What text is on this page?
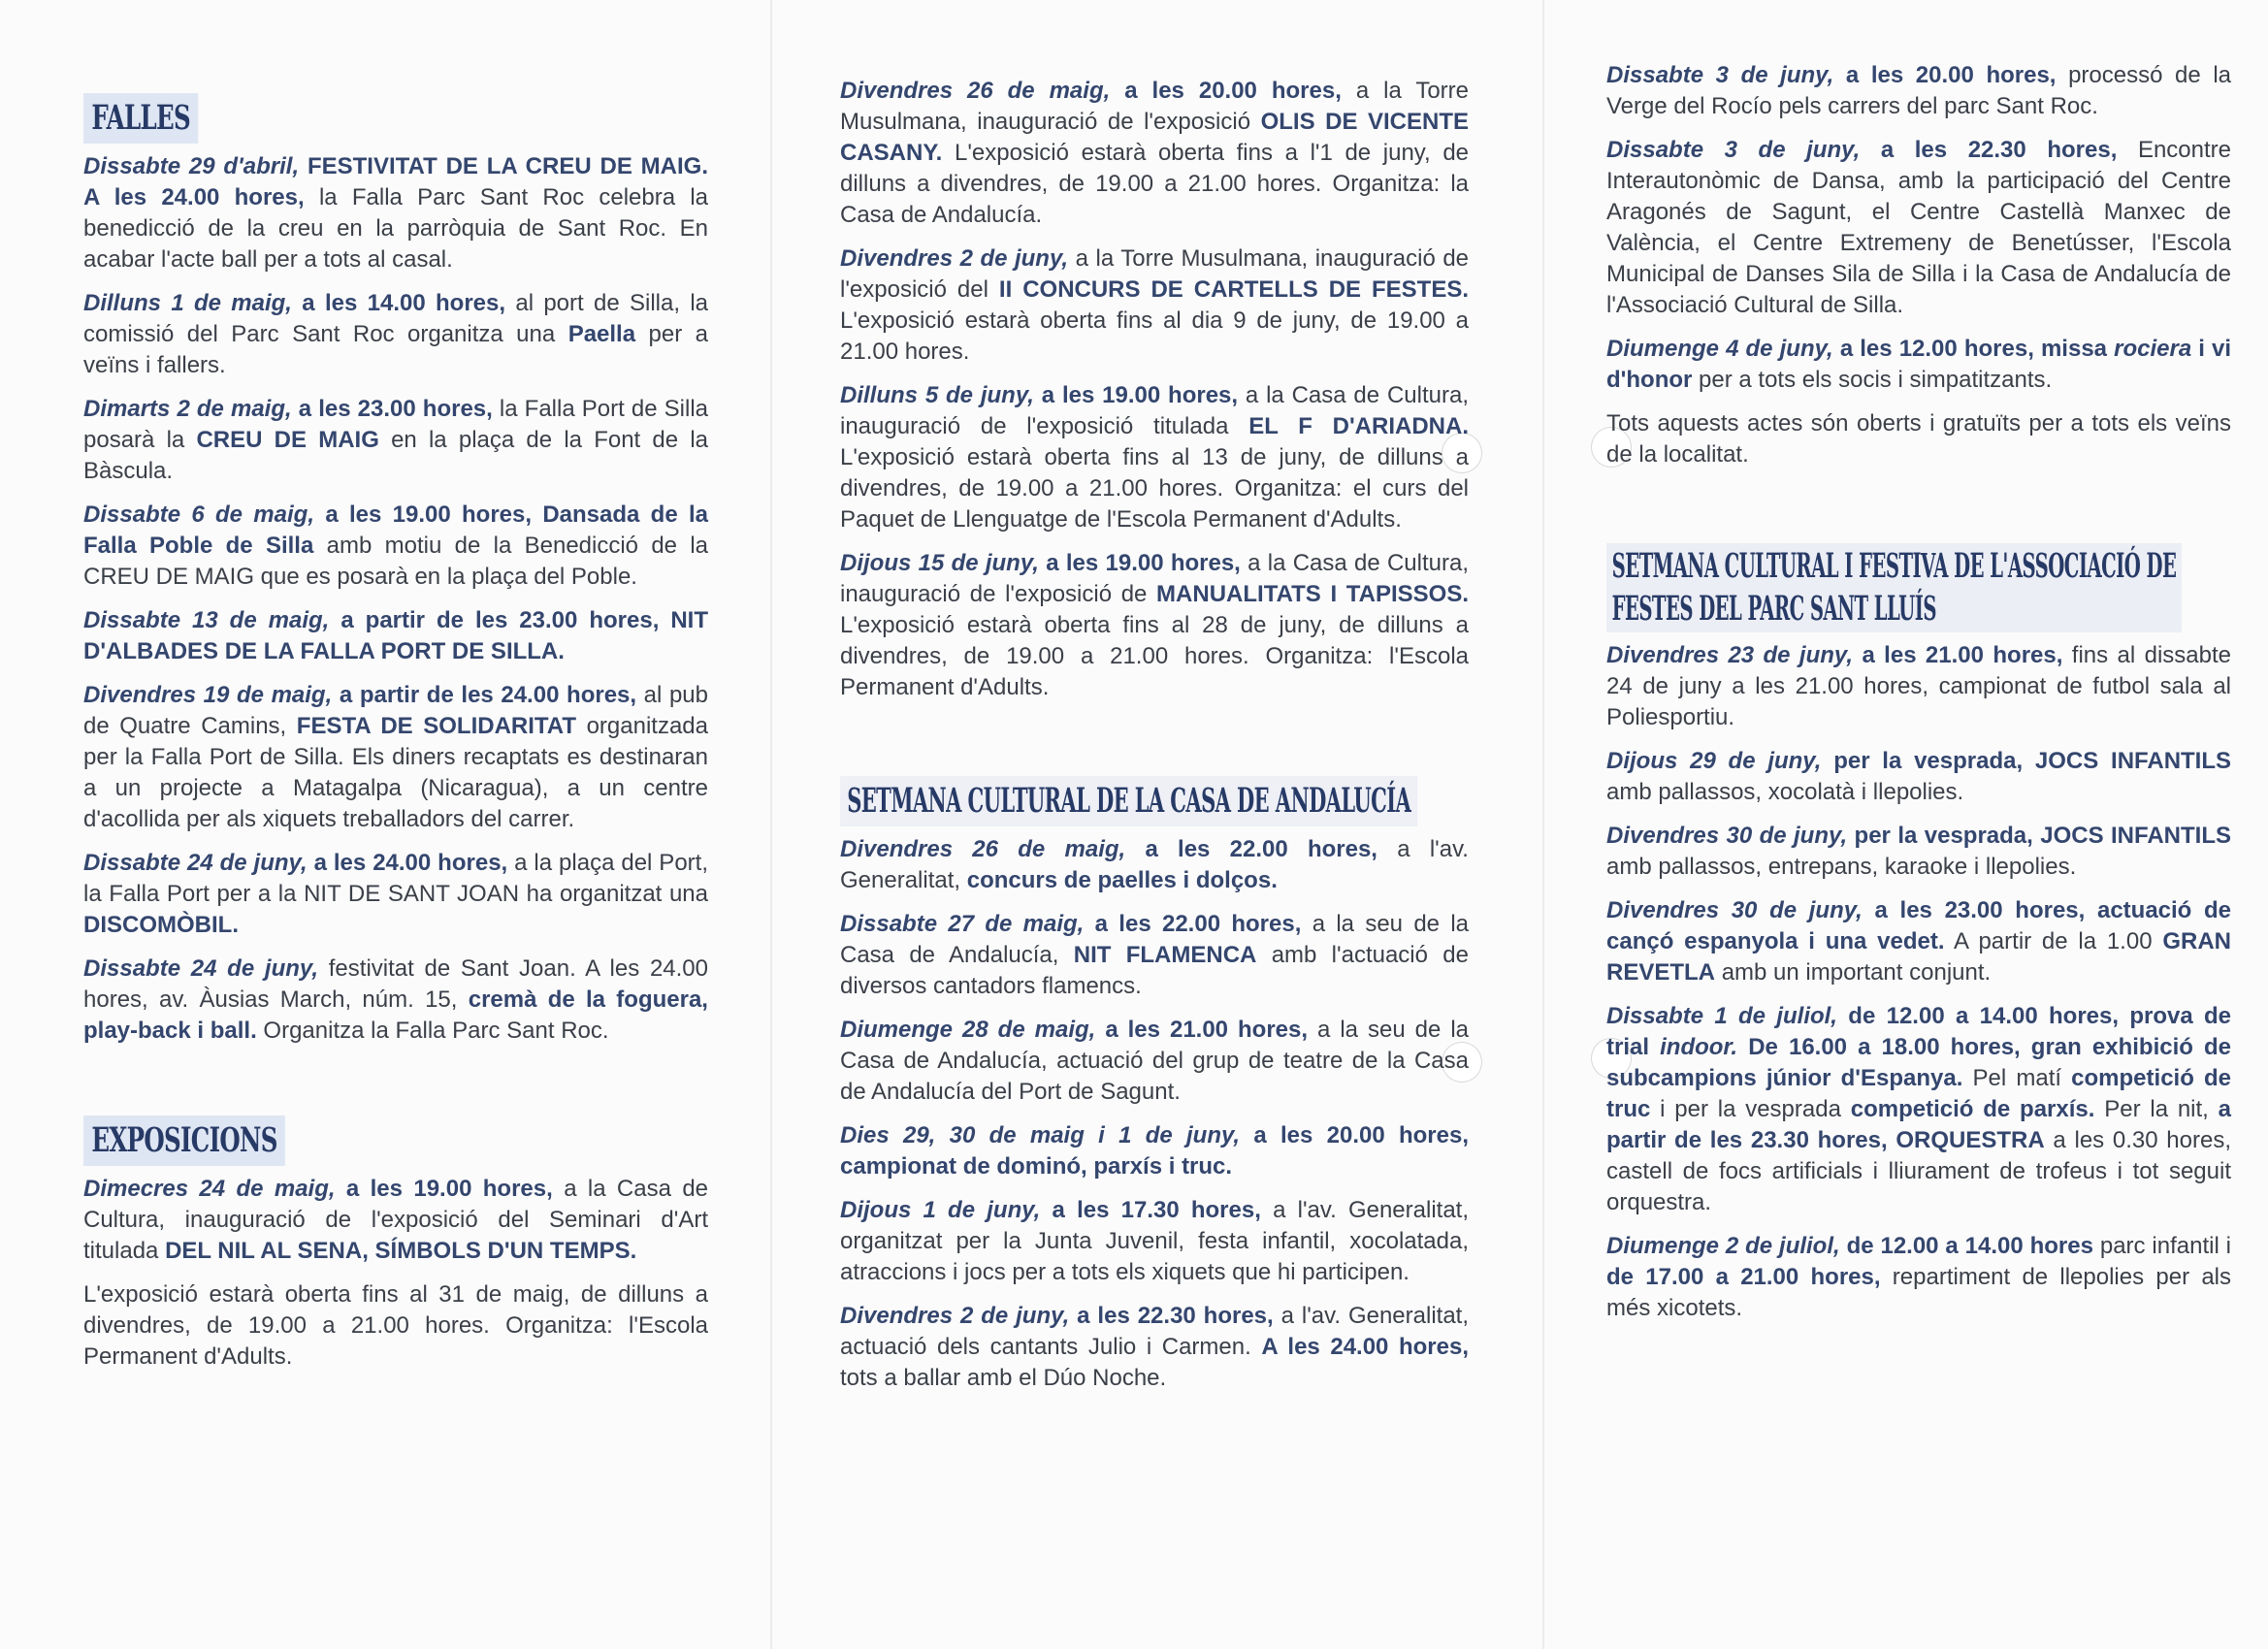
FALLES

Dissabte 29 d'abril, FESTIVITAT DE LA CREU DE MAIG. A les 24.00 hores, la Falla Parc Sant Roc celebra la benedicció de la creu en la parròquia de Sant Roc. En acabar l'acte ball per a tots al casal.

Dilluns 1 de maig, a les 14.00 hores, al port de Silla, la comissió del Parc Sant Roc organitza una Paella per a veïns i fallers.

Dimarts 2 de maig, a les 23.00 hores, la Falla Port de Silla posarà la CREU DE MAIG en la plaça de la Font de la Bàscula.

Dissabte 6 de maig, a les 19.00 hores, Dansada de la Falla Poble de Silla amb motiu de la Benedicció de la CREU DE MAIG que es posarà en la plaça del Poble.

Dissabte 13 de maig, a partir de les 23.00 hores, NIT D'ALBADES DE LA FALLA PORT DE SILLA.

Divendres 19 de maig, a partir de les 24.00 hores, al pub de Quatre Camins, FESTA DE SOLIDARITAT organitzada per la Falla Port de Silla. Els diners recaptats es destinaran a un projecte a Matagalpa (Nicaragua), a un centre d'acollida per als xiquets treballadors del carrer.

Dissabte 24 de juny, a les 24.00 hores, a la plaça del Port, la Falla Port per a la NIT DE SANT JOAN ha organitzat una DISCOMÒBIL.

Dissabte 24 de juny, festivitat de Sant Joan. A les 24.00 hores, av. Àusias March, núm. 15, cremà de la foguera, play-back i ball. Organitza la Falla Parc Sant Roc.

EXPOSICIONS

Dimecres 24 de maig, a les 19.00 hores, a la Casa de Cultura, inauguració de l'exposició del Seminari d'Art titulada DEL NIL AL SENA, SÍMBOLS D'UN TEMPS.

L'exposició estarà oberta fins al 31 de maig, de dilluns a divendres, de 19.00 a 21.00 hores. Organitza: l'Escola Permanent d'Adults.

Divendres 26 de maig, a les 20.00 hores, a la Torre Musulmana, inauguració de l'exposició OLIS DE VICENTE CASANY. L'exposició estarà oberta fins a l'1 de juny, de dilluns a divendres, de 19.00 a 21.00 hores. Organitza: la Casa de Andalucía.

Divendres 2 de juny, a la Torre Musulmana, inauguració de l'exposició del II CONCURS DE CARTELLS DE FESTES. L'exposició estarà oberta fins al dia 9 de juny, de 19.00 a 21.00 hores.

Dilluns 5 de juny, a les 19.00 hores, a la Casa de Cultura, inauguració de l'exposició titulada EL F D'ARIADNA. L'exposició estarà oberta fins al 13 de juny, de dilluns a divendres, de 19.00 a 21.00 hores. Organitza: el curs del Paquet de Llenguatge de l'Escola Permanent d'Adults.

Dijous 15 de juny, a les 19.00 hores, a la Casa de Cultura, inauguració de l'exposició de MANUALITATS I TAPISSOS. L'exposició estarà oberta fins al 28 de juny, de dilluns a divendres, de 19.00 a 21.00 hores. Organitza: l'Escola Permanent d'Adults.

SETMANA CULTURAL DE LA CASA DE ANDALUCÍA

Divendres 26 de maig, a les 22.00 hores, a l'av. Generalitat, concurs de paelles i dolços.

Dissabte 27 de maig, a les 22.00 hores, a la seu de la Casa de Andalucía, NIT FLAMENCA amb l'actuació de diversos cantadors flamencs.

Diumenge 28 de maig, a les 21.00 hores, a la seu de la Casa de Andalucía, actuació del grup de teatre de la Casa de Andalucía del Port de Sagunt.

Dies 29, 30 de maig i 1 de juny, a les 20.00 hores, campionat de dominó, parxís i truc.

Dijous 1 de juny, a les 17.30 hores, a l'av. Generalitat, organitzat per la Junta Juvenil, festa infantil, xocolatada, atraccions i jocs per a tots els xiquets que hi participen.

Divendres 2 de juny, a les 22.30 hores, a l'av. Generalitat, actuació dels cantants Julio i Carmen. A les 24.00 hores, tots a ballar amb el Dúo Noche.

Dissabte 3 de juny, a les 20.00 hores, processó de la Verge del Rocío pels carrers del parc Sant Roc.

Dissabte 3 de juny, a les 22.30 hores, Encontre Interautonòmic de Dansa, amb la participació del Centre Aragonés de Sagunt, el Centre Castellà Manxec de València, el Centre Extremeny de Benetússer, l'Escola Municipal de Danses Sila de Silla i la Casa de Andalucía de l'Associació Cultural de Silla.

Diumenge 4 de juny, a les 12.00 hores, missa rociera i vi d'honor per a tots els socis i simpatitzants.

Tots aquests actes són oberts i gratuïts per a tots els veïns de la localitat.

SETMANA CULTURAL I FESTIVA DE L'ASSOCIACIÓ DE
FESTES DEL PARC SANT LLUÍS

Divendres 23 de juny, a les 21.00 hores, fins al dissabte 24 de juny a les 21.00 hores, campionat de futbol sala al Poliesportiu.

Dijous 29 de juny, per la vesprada, JOCS INFANTILS amb pallassos, xocolatà i llepolies.

Divendres 30 de juny, per la vesprada, JOCS INFANTILS amb pallassos, entrepans, karaoke i llepolies.

Divendres 30 de juny, a les 23.00 hores, actuació de cançó espanyola i una vedet. A partir de la 1.00 GRAN REVETLA amb un important conjunt.

Dissabte 1 de juliol, de 12.00 a 14.00 hores, prova de trial indoor. De 16.00 a 18.00 hores, gran exhibició de subcampions júnior d'Espanya. Pel matí competició de truc i per la vesprada competició de parxís. Per la nit, a partir de les 23.30 hores, ORQUESTRA a les 0.30 hores, castell de focs artificials i lliurament de trofeus i tot seguit orquestra.

Diumenge 2 de juliol, de 12.00 a 14.00 hores parc infantil i de 17.00 a 21.00 hores, repartiment de llepolies per als més xicotets.
